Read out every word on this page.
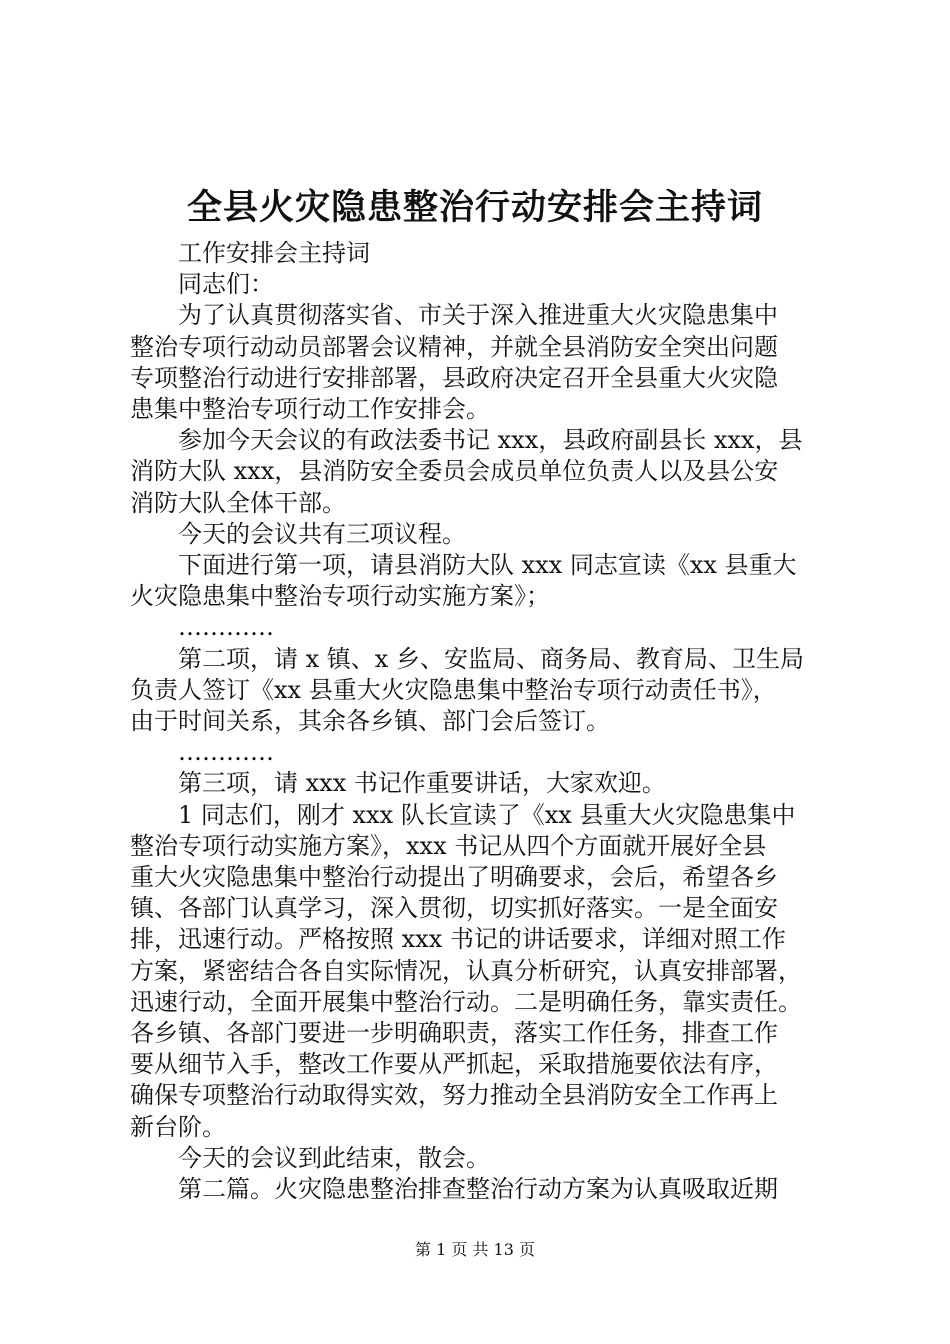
全县火灾隐患整治行动安排会主持词
工作安排会主持词
同志们：
为了认真贯彻落实省、市关于深入推进重大火灾隐患集中
整治专项行动动员部署会议精神，并就全县消防安全突出问题
专项整治行动进行安排部署，县政府决定召开全县重大火灾隐
患集中整治专项行动工作安排会。
参加今天会议的有政法委书记 xxx，县政府副县长 xxx，县
消防大队 xxx，县消防安全委员会成员单位负责人以及县公安
消防大队全体干部。
今天的会议共有三项议程。
下面进行第一项，请县消防大队 xxx 同志宣读《xx 县重大
火灾隐患集中整治专项行动实施方案》；
…………
第二项，请 x 镇、x 乡、安监局、商务局、教育局、卫生局
负责人签订《xx 县重大火灾隐患集中整治专项行动责任书》，
由于时间关系，其余各乡镇、部门会后签订。
…………
第三项，请 xxx 书记作重要讲话，大家欢迎。
1 同志们，刚才 xxx 队长宣读了《xx 县重大火灾隐患集中
整治专项行动实施方案》，xxx 书记从四个方面就开展好全县
重大火灾隐患集中整治行动提出了明确要求，会后，希望各乡
镇、各部门认真学习，深入贯彻，切实抓好落实。一是全面安
排，迅速行动。严格按照 xxx 书记的讲话要求，详细对照工作
方案，紧密结合各自实际情况，认真分析研究，认真安排部署，
迅速行动，全面开展集中整治行动。二是明确任务，靠实责任。
各乡镇、各部门要进一步明确职责，落实工作任务，排查工作
要从细节入手，整改工作要从严抓起，采取措施要依法有序，
确保专项整治行动取得实效，努力推动全县消防安全工作再上
新台阶。
今天的会议到此结束，散会。
第二篇。火灾隐患整治排查整治行动方案为认真吸取近期
第 1 页 共 13 页
